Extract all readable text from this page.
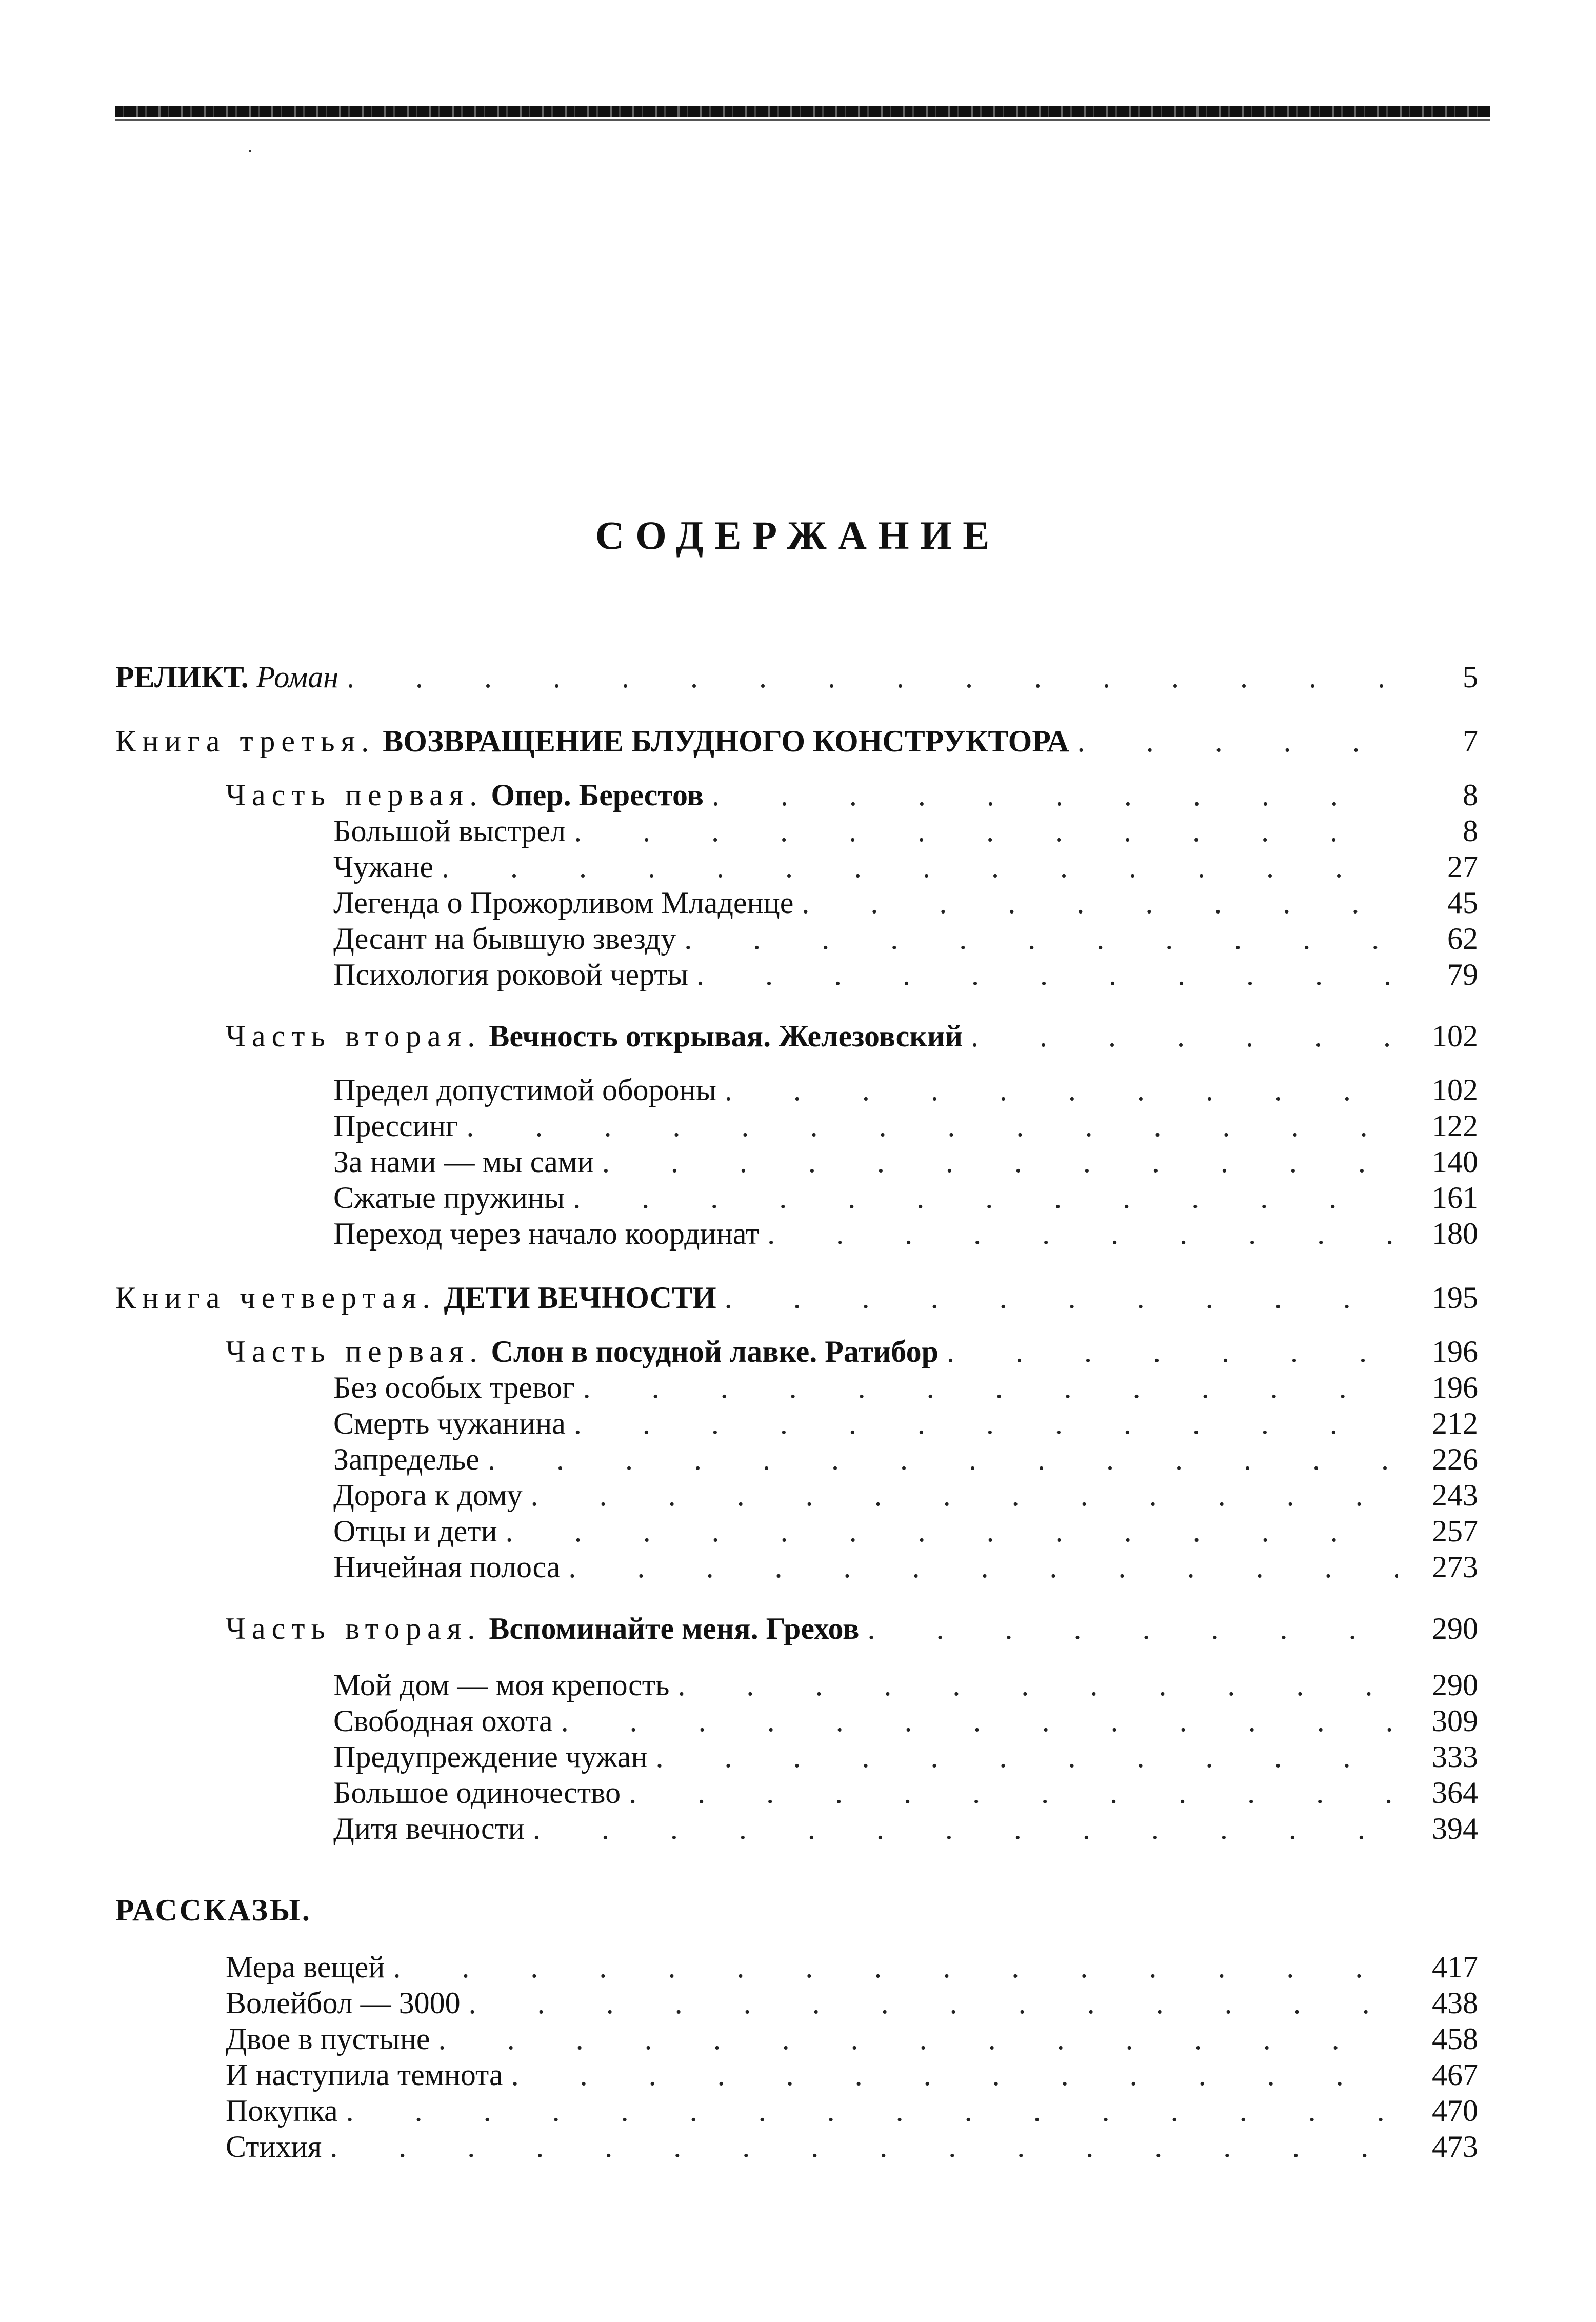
СОДЕРЖАНИЕ
РЕЛИКТ. Роман . . .	5
Книга третья. ВОЗВРАЩЕНИЕ БЛУДНОГО КОНСТРУКТОРА . . .	7
Часть первая. Опер. Берестов . . .	8
Большой выстрел . . .	8
Чужане . . .	27
Легенда о Прожорливом Младенце . . .	45
Десант на бывшую звезду . . .	62
Психология роковой черты . . .	79
Часть вторая. Вечность открывая. Железовский . . .	102
Предел допустимой обороны . . .	102
Прессинг . . .	122
За нами — мы сами . . .	140
Сжатые пружины . . .	161
Переход через начало координат . . .	180
Книга четвертая. ДЕТИ ВЕЧНОСТИ . . .	195
Часть первая. Слон в посудной лавке. Ратибор . . .	196
Без особых тревог . . .	196
Смерть чужанина . . .	212
Запределье . . .	226
Дорога к дому . . .	243
Отцы и дети . . .	257
Ничейная полоса . . .	273
Часть вторая. Вспоминайте меня. Грехов . . .	290
Мой дом — моя крепость . . .	290
Свободная охота . . .	309
Предупреждение чужан . . .	333
Большое одиночество . . .	364
Дитя вечности . . .	394
РАССКАЗЫ.
Мера вещей . . .	417
Волейбол — 3000 . . .	438
Двое в пустыне . . .	458
И наступила темнота . . .	467
Покупка . . .	470
Стихия . . .	473
